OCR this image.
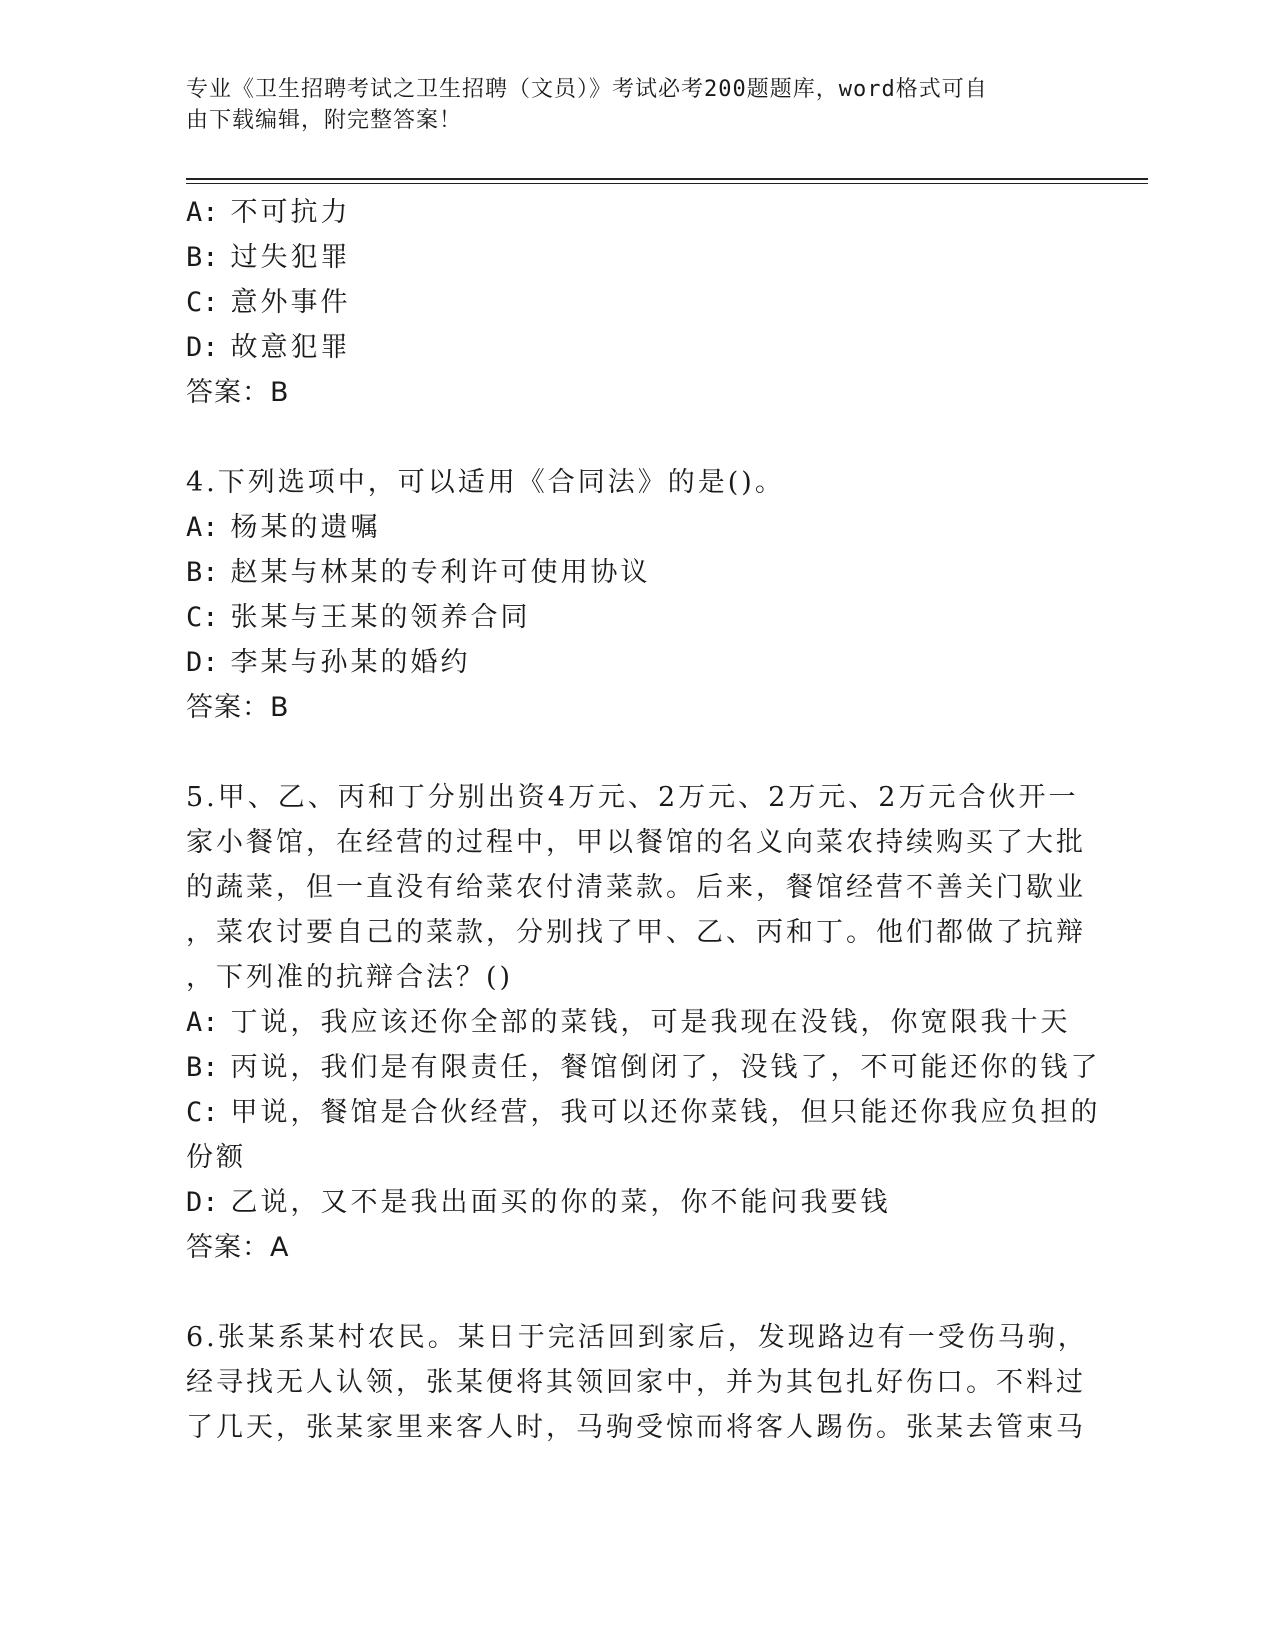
专业《卫生招聘考试之卫生招聘（文员）》考试必考200题题库，word格式可自
由下载编辑，附完整答案！
A: 不可抗力
B: 过失犯罪
C: 意外事件
D: 故意犯罪
答案：B
4.下列选项中，可以适用《合同法》的是()。
A: 杨某的遗嘱
B: 赵某与林某的专利许可使用协议
C: 张某与王某的领养合同
D: 李某与孙某的婚约
答案：B
5.甲、乙、丙和丁分别出资4万元、2万元、2万元、2万元合伙开一
家小餐馆，在经营的过程中，甲以餐馆的名义向菜农持续购买了大批
的蔬菜，但一直没有给菜农付清菜款。后来，餐馆经营不善关门歇业
，菜农讨要自己的菜款，分别找了甲、乙、丙和丁。他们都做了抗辩
，下列准的抗辩合法？()
A: 丁说，我应该还你全部的菜钱，可是我现在没钱，你宽限我十天
B: 丙说，我们是有限责任，餐馆倒闭了，没钱了，不可能还你的钱了
C: 甲说，餐馆是合伙经营，我可以还你菜钱，但只能还你我应负担的
份额
D: 乙说，又不是我出面买的你的菜，你不能问我要钱
答案：A
6.张某系某村农民。某日于完活回到家后，发现路边有一受伤马驹，
经寻找无人认领，张某便将其领回家中，并为其包扎好伤口。不料过
了几天，张某家里来客人时，马驹受惊而将客人踢伤。张某去管束马
